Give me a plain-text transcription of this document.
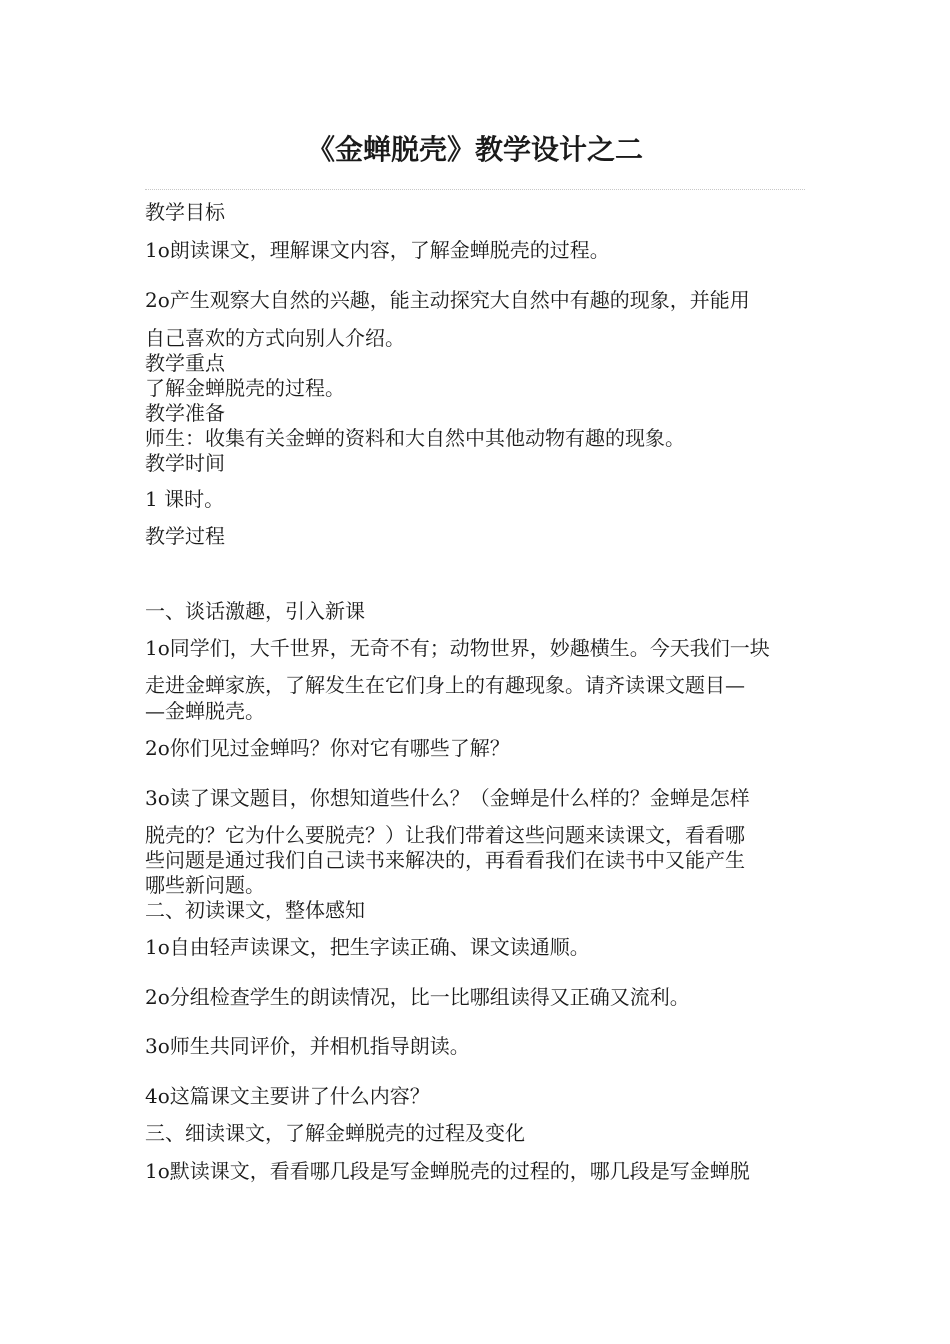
《金蝉脱壳》教学设计之二
教学目标
1o朗读课文，理解课文内容，了解金蝉脱壳的过程。
2o产生观察大自然的兴趣，能主动探究大自然中有趣的现象，并能用
自己喜欢的方式向别人介绍。
教学重点
了解金蝉脱壳的过程。
教学准备
师生：收集有关金蝉的资料和大自然中其他动物有趣的现象。
教学时间
1 课时。
教学过程
一、谈话激趣，引入新课
1o同学们，大千世界，无奇不有；动物世界，妙趣横生。今天我们一块
走进金蝉家族，了解发生在它们身上的有趣现象。请齐读课文题目—
—金蝉脱壳。
2o你们见过金蝉吗？你对它有哪些了解？
3o读了课文题目，你想知道些什么？（金蝉是什么样的？金蝉是怎样
脱壳的？它为什么要脱壳？）让我们带着这些问题来读课文，看看哪
些问题是通过我们自己读书来解决的，再看看我们在读书中又能产生
哪些新问题。
二、初读课文，整体感知
1o自由轻声读课文，把生字读正确、课文读通顺。
2o分组检查学生的朗读情况，比一比哪组读得又正确又流利。
3o师生共同评价，并相机指导朗读。
4o这篇课文主要讲了什么内容？
三、细读课文，了解金蝉脱壳的过程及变化
1o默读课文，看看哪几段是写金蝉脱壳的过程的，哪几段是写金蝉脱
